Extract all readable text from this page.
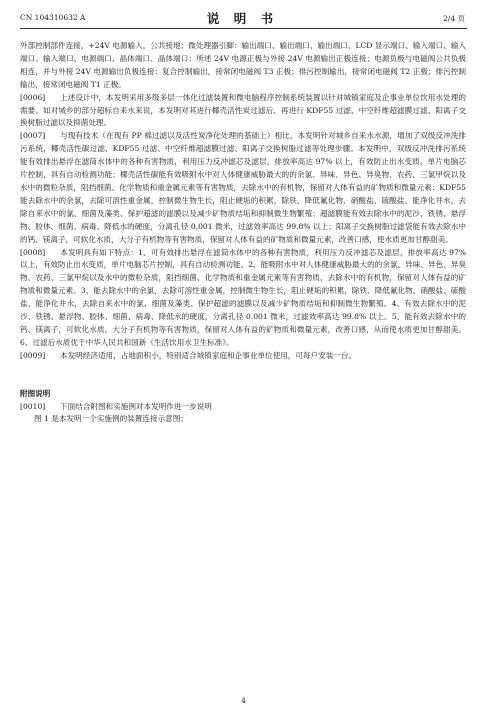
CN 104310632 A	说 明 书	2/4 页

外部控制部件连接，+24V 电源输入，公共接地；微处理器引脚：输出端口、输出端口、输出端口、LCD 显示端口、输入端口、输入端口、输入端口、电源端口、晶体端口、晶体端口；所述 24V 电源正极与外接 24V 电源输出正极连接；电源负极与电磁阀公共负极相连，并与外接 24V 电源输出负极连接；复合控制输出，接常闭电磁阀 T3 正极；排污控制输出，接常闭电磁阀 T2 正极；排污控制输出，接常闭电磁阀 T1 正极。

[0006] 上述设计中，本发明采用多级多层一体化过滤装置和微电脑程序控制系统装置以针对城镇家庭及企事业单位饮用水处理的需要。如对城乡的部分超标自来水来说，本发明对其进行椰壳活性炭过滤后、再进行 KDF55 过滤、中空纤维超滤膜过滤、阳离子交换树脂过滤以及抑菌处理。

[0007] 与现有技术（在现有 PP 棉过滤以及活性炭净化处理的基础上）相比，本发明针对城乡自来水水源，增加了双级反冲洗排污系统，椰壳活性碳过滤、KDF55 过滤、中空纤维超滤膜过滤、阳离子交换树脂过滤等处理步骤。本发明中，双级反冲洗排污系统能有效排出悬浮在滤筒水体中的各种有害物质，利用压力反冲滤芯及滤层，排放率高达 97% 以上，有效防止出水变质，单片电脑芯片控制，具有自动检测功能；椰壳活性碳能有效吸附水中对人体健康威胁最大的的余氯、异味、异色、异臭物、农药、三氯甲烷以及水中的微粒杂质，阻挡细菌、化学物质和重金属元素等有害物质，去除水中的有机物，保留对人体有益的矿物质和微量元素；KDF55 能去除水中的余氯，去除可溶性重金属，控制微生物生长，阻止硬垢的积累，除铁、降低氟化物、硝酸盐、硫酸盐、能净化井水，去除自来水中的氯、细菌及藻类、保护超滤的滤膜以及减少矿物质结垢和抑制微生物繁殖；超滤膜能有效去除水中的泥沙、铁锈、悬浮物、胶体、细菌、病毒、降低水的硬度，分离孔径 0.001 微米，过滤效率高达 99.8% 以上；阳离子交换树脂过滤袋能有效去除水中的钙、镁离子，可软化水质，大分子有机物等有害物质，保留对人体有益的矿物质和微量元素，改善口感，使水质更加甘醇甜美。

[0008] 本发明具有如下特点：1、可有效排出悬浮在滤筒水体中的各种有害物质，利用压力反冲滤芯及滤层，排放率高达 97% 以上，有效防止出水变质，单片电脑芯片控制，具有自动检测功能。2、能吸附水中对人体健康威胁最大的的余氯、异味、异色、异臭物、农药、三氯甲烷以及水中的微粒杂质，阻挡细菌、化学物质和重金属元素等有害物质，去除水中的有机物，保留对人体有益的矿物质和微量元素。3、能去除水中的余氯，去除可溶性重金属，控制微生物生长，阻止硬垢的积累，除铁、降低氟化物、硝酸盐、硫酸盐、能净化井水，去除自来水中的氯、细菌及藻类、保护超滤的滤膜以及减少矿物质结垢和抑制微生物繁殖。4、有效去除水中的泥沙、铁锈、悬浮物、胶体、细菌、病毒、降低水的硬度，分离孔径 0.001 微米，过滤效率高达 99.8% 以上。5、能有效去除水中的钙、镁离子，可软化水质，大分子有机物等有害物质，保留对人体有益的矿物质和微量元素，改善口感，从而使水质更加甘醇甜美。6、过滤后水质优于中华人民共和国新《生活饮用水卫生标准》。

[0009] 本发明经济适用，占地面积小，特别适合城镇家庭和企事业单位使用，可每户安装一台。

附图说明

[0010] 下面结合附图和实施例对本发明作进一步说明

图 1 是本发明一个实施例的装置连接示意图；

4
